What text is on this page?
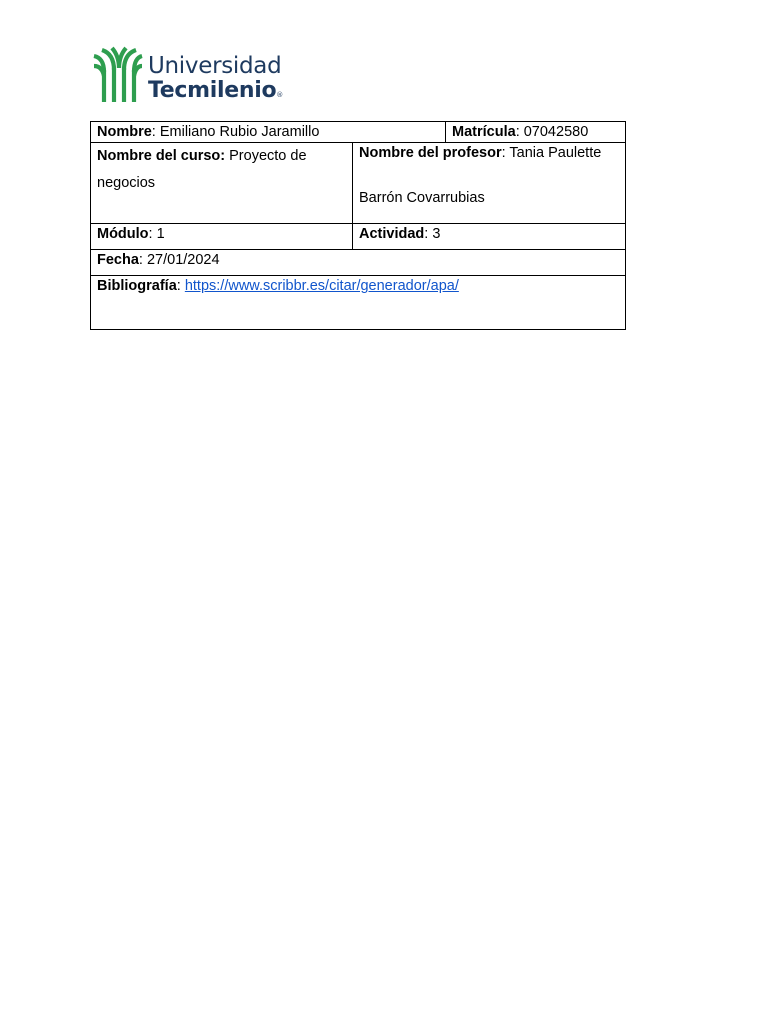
Universidad
Tecmilenio®
Nombre: Emiliano Rubio Jaramillo		Matrícula: 07042580
Nombre del curso: Proyecto de negocios	Nombre del profesor: Tania Paulette
Barrón Covarrubias	

Módulo: 1	Actividad: 3	
Fecha: 27/01/2024		
Bibliografía: https://www.scribbr.es/citar/generador/apa/		
